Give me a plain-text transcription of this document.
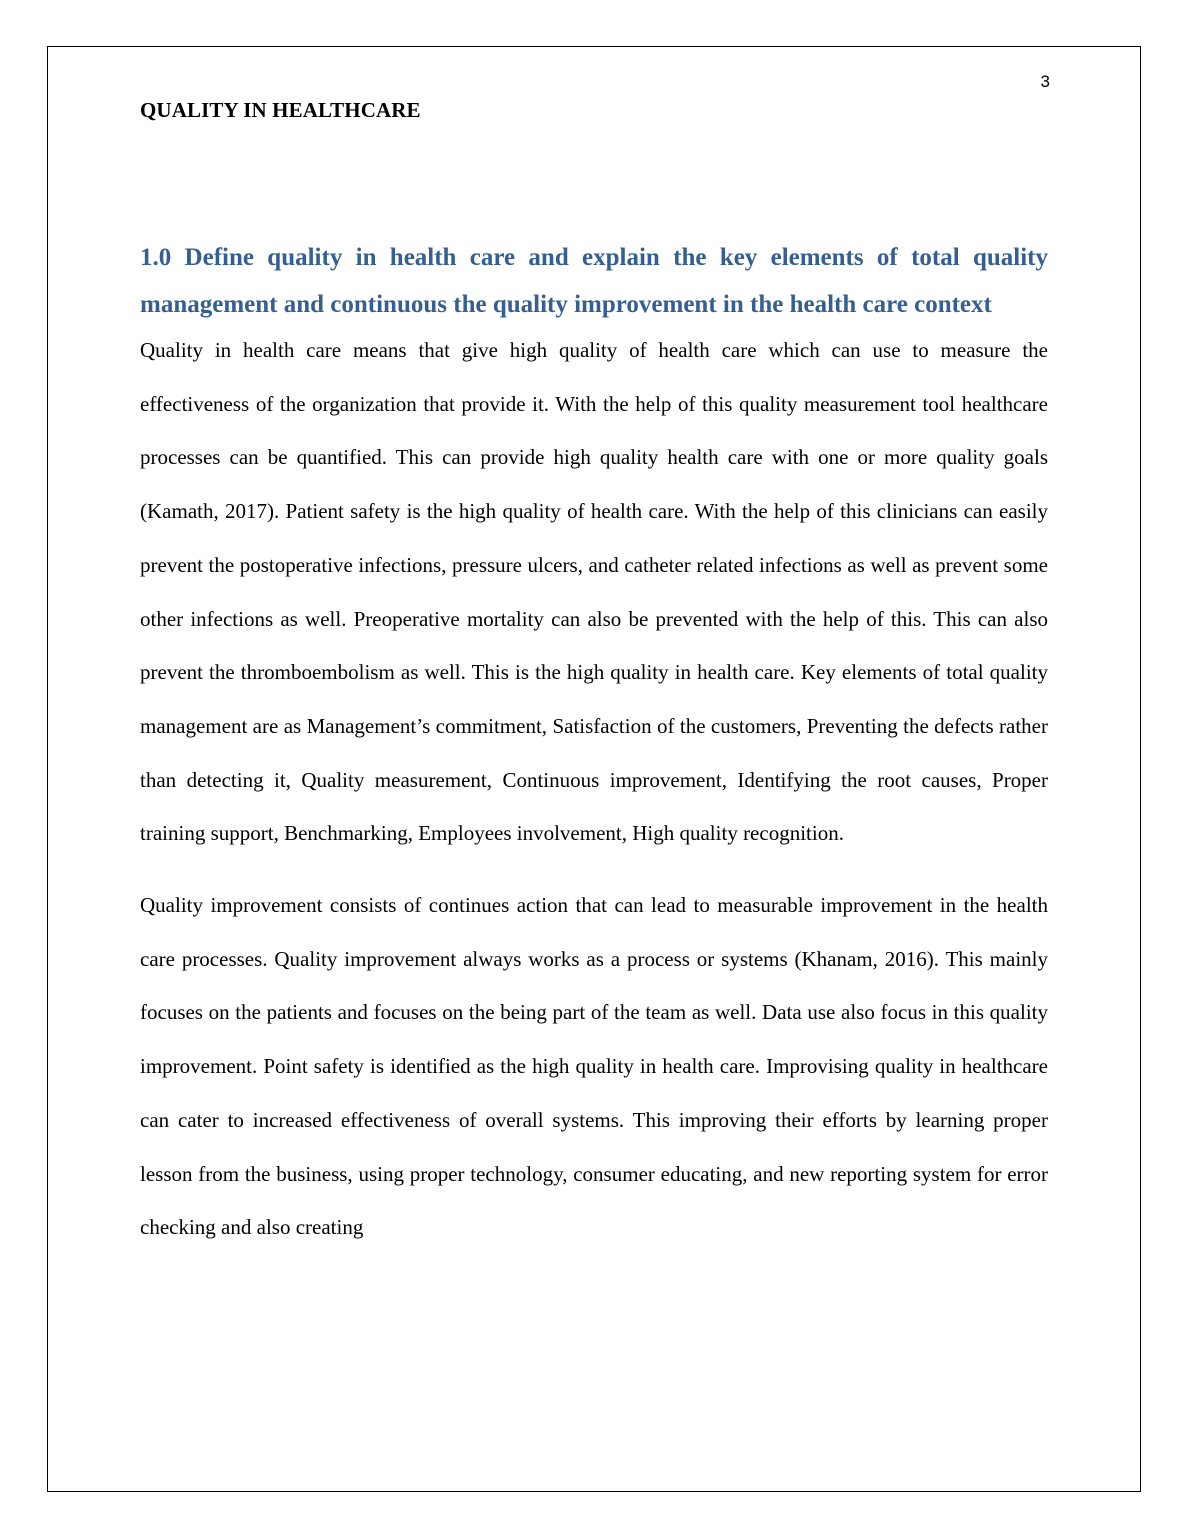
3
QUALITY IN HEALTHCARE
1.0 Define quality in health care and explain the key elements of total quality management and continuous the quality improvement in the health care context

Quality in health care means that give high quality of health care which can use to measure the effectiveness of the organization that provide it. With the help of this quality measurement tool healthcare processes can be quantified. This can provide high quality health care with one or more quality goals (Kamath, 2017). Patient safety is the high quality of health care. With the help of this clinicians can easily prevent the postoperative infections, pressure ulcers, and catheter related infections as well as prevent some other infections as well. Preoperative mortality can also be prevented with the help of this. This can also prevent the thromboembolism as well. This is the high quality in health care. Key elements of total quality management are as Management’s commitment, Satisfaction of the customers, Preventing the defects rather than detecting it, Quality measurement, Continuous improvement, Identifying the root causes, Proper training support, Benchmarking, Employees involvement, High quality recognition.

Quality improvement consists of continues action that can lead to measurable improvement in the health care processes. Quality improvement always works as a process or systems (Khanam, 2016). This mainly focuses on the patients and focuses on the being part of the team as well. Data use also focus in this quality improvement. Point safety is identified as the high quality in health care. Improvising quality in healthcare can cater to increased effectiveness of overall systems. This improving their efforts by learning proper lesson from the business, using proper technology, consumer educating, and new reporting system for error checking and also creating
